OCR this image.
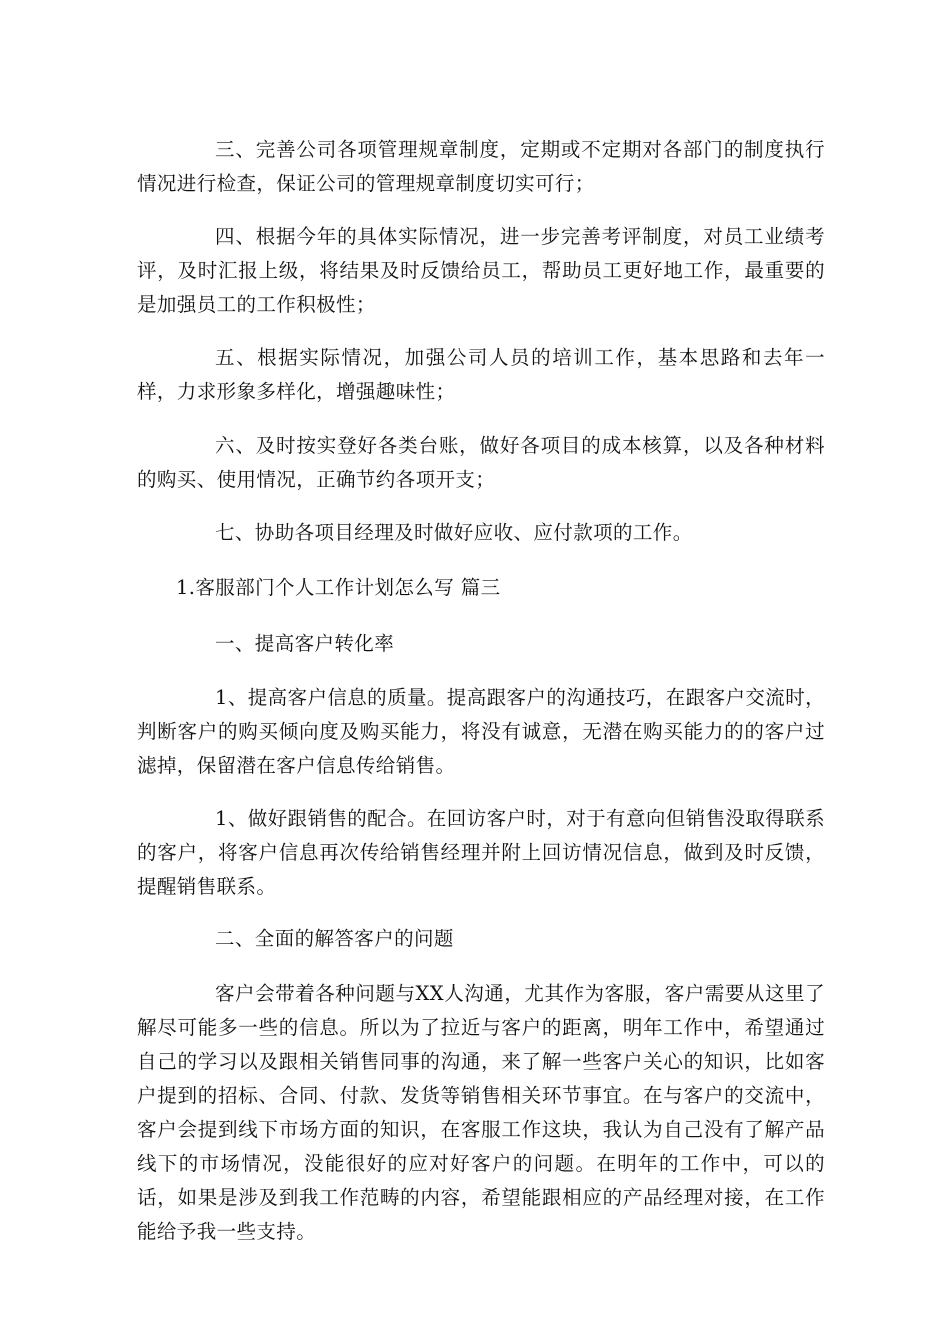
三、完善公司各项管理规章制度，定期或不定期对各部门的制度执行情况进行检查，保证公司的管理规章制度切实可行；

四、根据今年的具体实际情况，进一步完善考评制度，对员工业绩考评，及时汇报上级，将结果及时反馈给员工，帮助员工更好地工作，最重要的是加强员工的工作积极性；

五、根据实际情况，加强公司人员的培训工作，基本思路和去年一样，力求形象多样化，增强趣味性；

六、及时按实登好各类台账，做好各项目的成本核算，以及各种材料的购买、使用情况，正确节约各项开支；

七、协助各项目经理及时做好应收、应付款项的工作。

1.客服部门个人工作计划怎么写 篇三

一、提高客户转化率

1、提高客户信息的质量。提高跟客户的沟通技巧，在跟客户交流时，判断客户的购买倾向度及购买能力，将没有诚意，无潜在购买能力的的客户过滤掉，保留潜在客户信息传给销售。

1、做好跟销售的配合。在回访客户时，对于有意向但销售没取得联系的客户，将客户信息再次传给销售经理并附上回访情况信息，做到及时反馈，提醒销售联系。

二、全面的解答客户的问题

客户会带着各种问题与XX人沟通，尤其作为客服，客户需要从这里了解尽可能多一些的信息。所以为了拉近与客户的距离，明年工作中，希望通过自己的学习以及跟相关销售同事的沟通，来了解一些客户关心的知识，比如客户提到的招标、合同、付款、发货等销售相关环节事宜。在与客户的交流中，客户会提到线下市场方面的知识，在客服工作这块，我认为自己没有了解产品线下的市场情况，没能很好的应对好客户的问题。在明年的工作中，可以的话，如果是涉及到我工作范畴的内容，希望能跟相应的产品经理对接，在工作能给予我一些支持。
